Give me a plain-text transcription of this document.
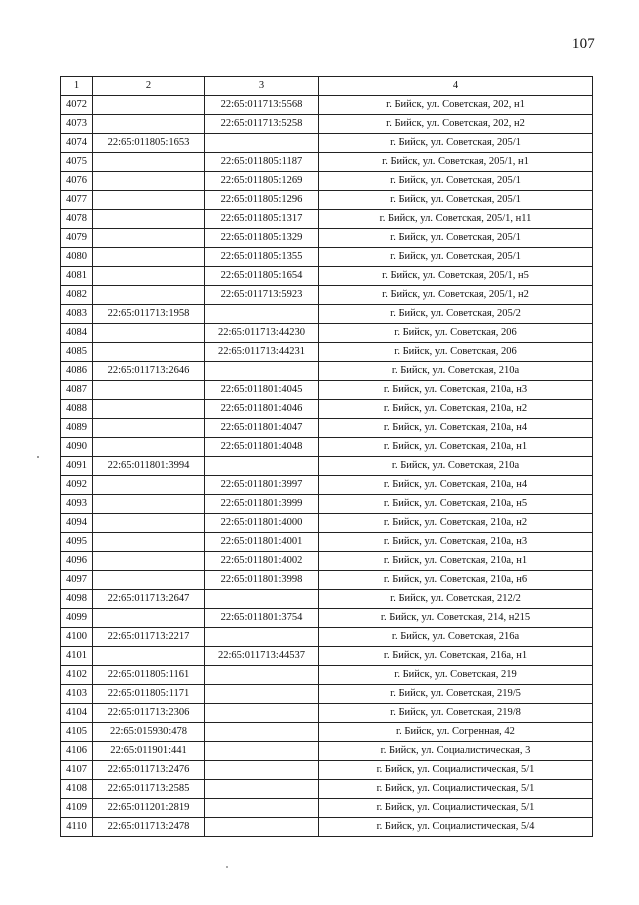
107
1	2	3	4
4072		22:65:011713:5568	г. Бийск, ул. Советская, 202, н1
4073		22:65:011713:5258	г. Бийск, ул. Советская, 202, н2
4074	22:65:011805:1653		г. Бийск, ул. Советская, 205/1
4075		22:65:011805:1187	г. Бийск, ул. Советская, 205/1, н1
4076		22:65:011805:1269	г. Бийск, ул. Советская, 205/1
4077		22:65:011805:1296	г. Бийск, ул. Советская, 205/1
4078		22:65:011805:1317	г. Бийск, ул. Советская, 205/1, н11
4079		22:65:011805:1329	г. Бийск, ул. Советская, 205/1
4080		22:65:011805:1355	г. Бийск, ул. Советская, 205/1
4081		22:65:011805:1654	г. Бийск, ул. Советская, 205/1, н5
4082		22:65:011713:5923	г. Бийск, ул. Советская, 205/1, н2
4083	22:65:011713:1958		г. Бийск, ул. Советская, 205/2
4084		22:65:011713:44230	г. Бийск, ул. Советская, 206
4085		22:65:011713:44231	г. Бийск, ул. Советская, 206
4086	22:65:011713:2646		г. Бийск, ул. Советская, 210а
4087		22:65:011801:4045	г. Бийск, ул. Советская, 210а, н3
4088		22:65:011801:4046	г. Бийск, ул. Советская, 210а, н2
4089		22:65:011801:4047	г. Бийск, ул. Советская, 210а, н4
4090		22:65:011801:4048	г. Бийск, ул. Советская, 210а, н1
4091	22:65:011801:3994		г. Бийск, ул. Советская, 210а
4092		22:65:011801:3997	г. Бийск, ул. Советская, 210а, н4
4093		22:65:011801:3999	г. Бийск, ул. Советская, 210а, н5
4094		22:65:011801:4000	г. Бийск, ул. Советская, 210а, н2
4095		22:65:011801:4001	г. Бийск, ул. Советская, 210а, н3
4096		22:65:011801:4002	г. Бийск, ул. Советская, 210а, н1
4097		22:65:011801:3998	г. Бийск, ул. Советская, 210а, н6
4098	22:65:011713:2647		г. Бийск, ул. Советская, 212/2
4099		22:65:011801:3754	г. Бийск, ул. Советская, 214, н215
4100	22:65:011713:2217		г. Бийск, ул. Советская, 216а
4101		22:65:011713:44537	г. Бийск, ул. Советская, 216а, н1
4102	22:65:011805:1161		г. Бийск, ул. Советская, 219
4103	22:65:011805:1171		г. Бийск, ул. Советская, 219/5
4104	22:65:011713:2306		г. Бийск, ул. Советская, 219/8
4105	22:65:015930:478		г. Бийск, ул. Согренная, 42
4106	22:65:011901:441		г. Бийск, ул. Социалистическая, 3
4107	22:65:011713:2476		г. Бийск, ул. Социалистическая, 5/1
4108	22:65:011713:2585		г. Бийск, ул. Социалистическая, 5/1
4109	22:65:011201:2819		г. Бийск, ул. Социалистическая, 5/1
4110	22:65:011713:2478		г. Бийск, ул. Социалистическая, 5/4
